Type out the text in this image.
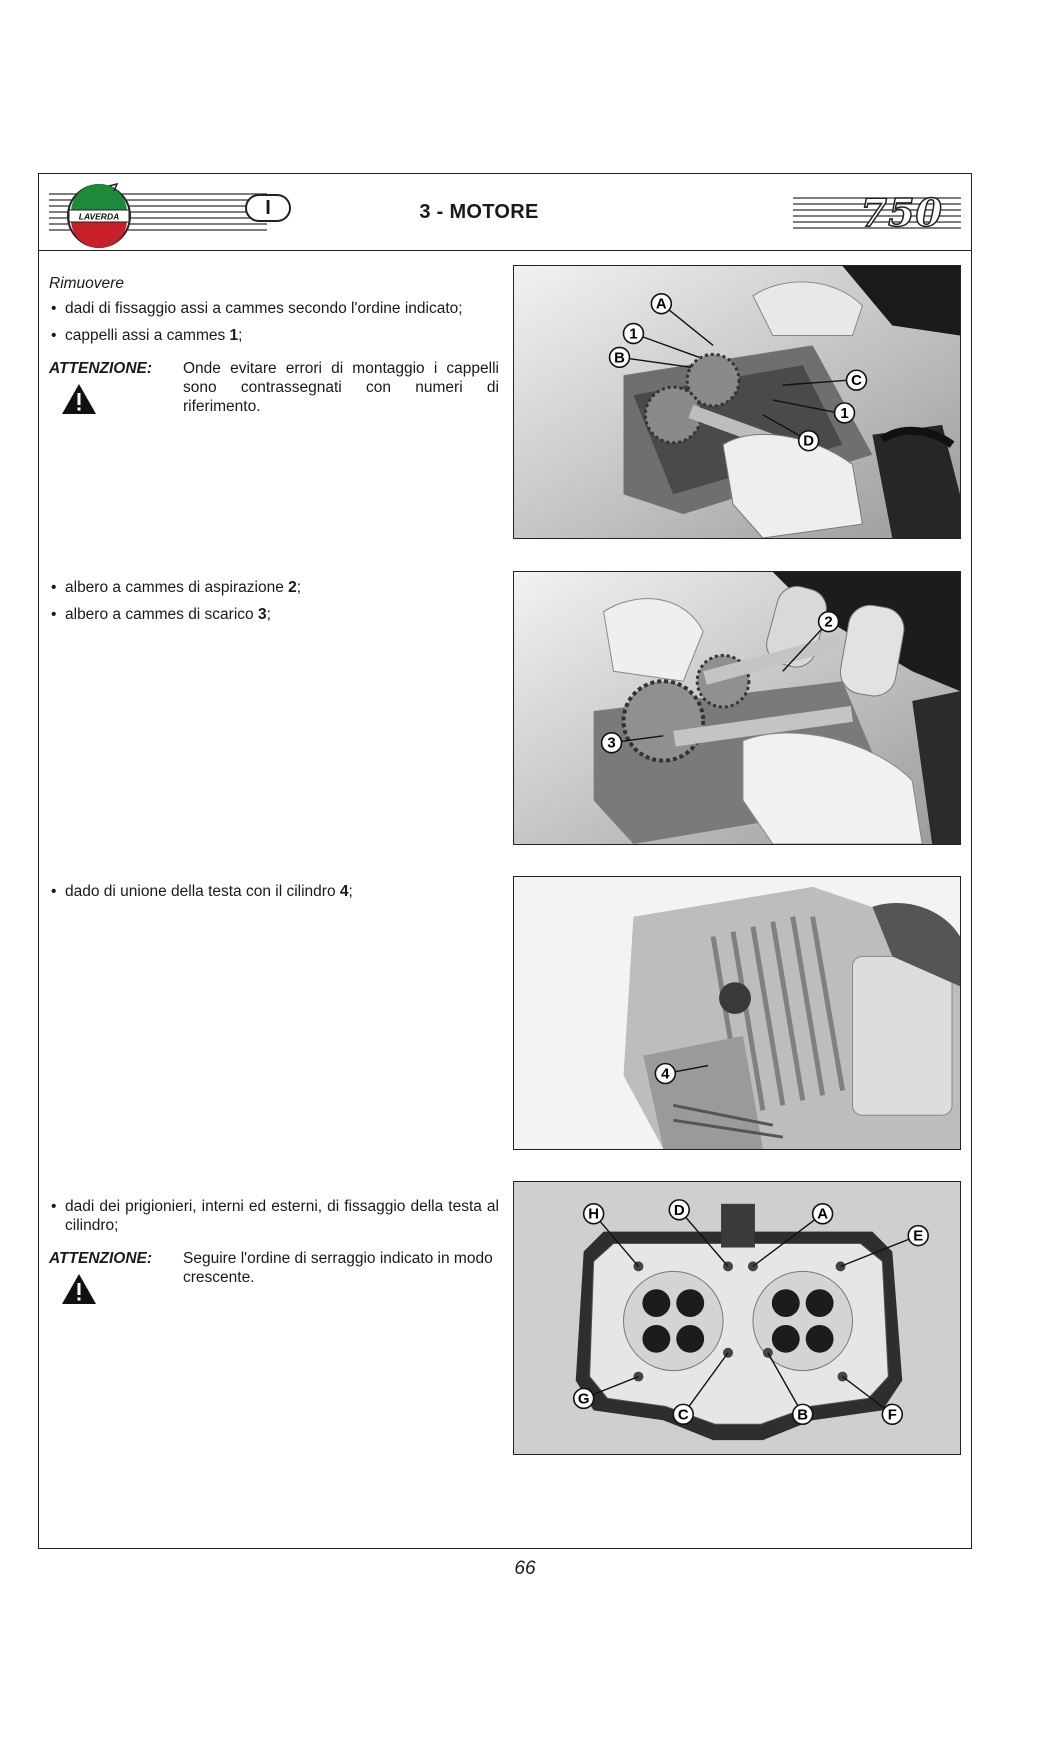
LAVERDA	I	3 - MOTORE	750
Rimuovere
• dadi di fissaggio assi a cammes secondo l'ordine indicato;
• cappelli assi a cammes 1;
ATTENZIONE: Onde evitare errori di montaggio i cappelli sono contrassegnati con numeri di riferimento.
A
1
B
C
1
D
• albero a cammes di aspirazione 2;
• albero a cammes di scarico 3;	2
3
• dado di unione della testa con il cilindro 4;
4
• dadi dei prigionieri, interni ed esterni, di fissaggio della testa al cilindro;
ATTENZIONE: Seguire l'ordine di serraggio indicato in modo
crescente.
H	D	A
E
G
C	B	F
66
